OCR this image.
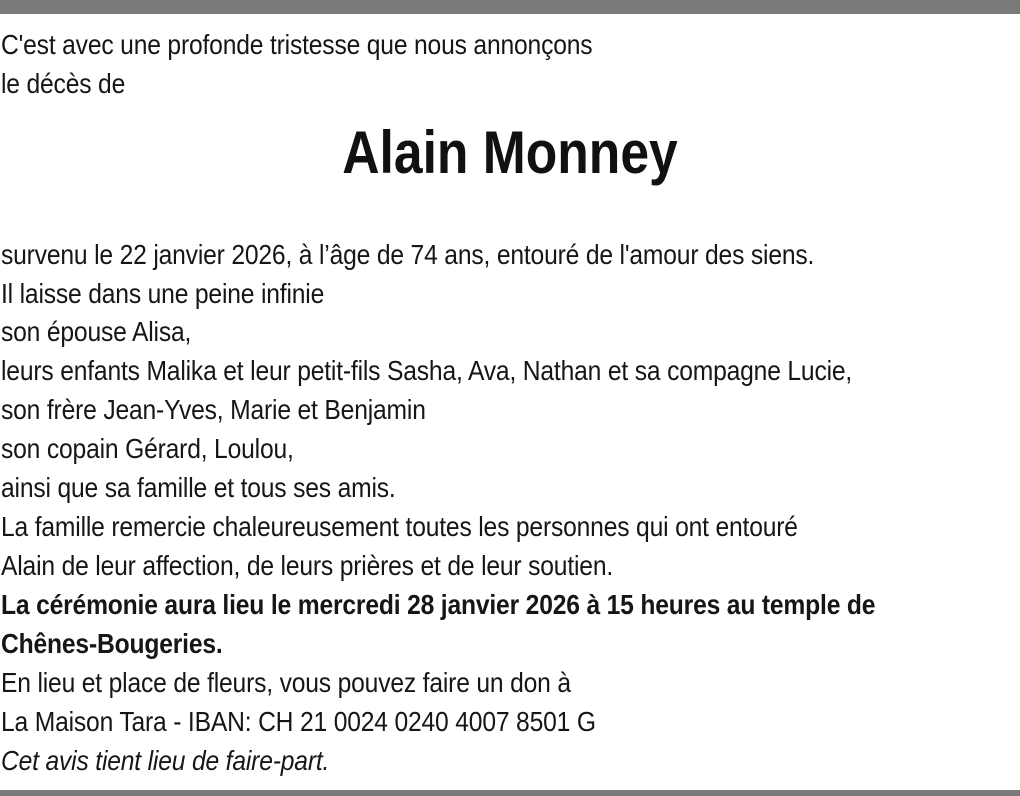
C'est avec une profonde tristesse que nous annonçons
le décès de
Alain Monney
survenu le 22 janvier 2026, à l’âge de 74 ans, entouré de l'amour des siens.
Il laisse dans une peine infinie
son épouse Alisa,
leurs enfants Malika et leur petit-fils Sasha, Ava, Nathan et sa compagne Lucie,
son frère Jean-Yves, Marie et Benjamin
son copain Gérard, Loulou,
ainsi que sa famille et tous ses amis.
La famille remercie chaleureusement toutes les personnes qui ont entouré
Alain de leur affection, de leurs prières et de leur soutien.
La cérémonie aura lieu le mercredi 28 janvier 2026 à 15 heures au temple de
Chênes-Bougeries.
En lieu et place de fleurs, vous pouvez faire un don à
La Maison Tara - IBAN: CH 21 0024 0240 4007 8501 G
Cet avis tient lieu de faire-part.
